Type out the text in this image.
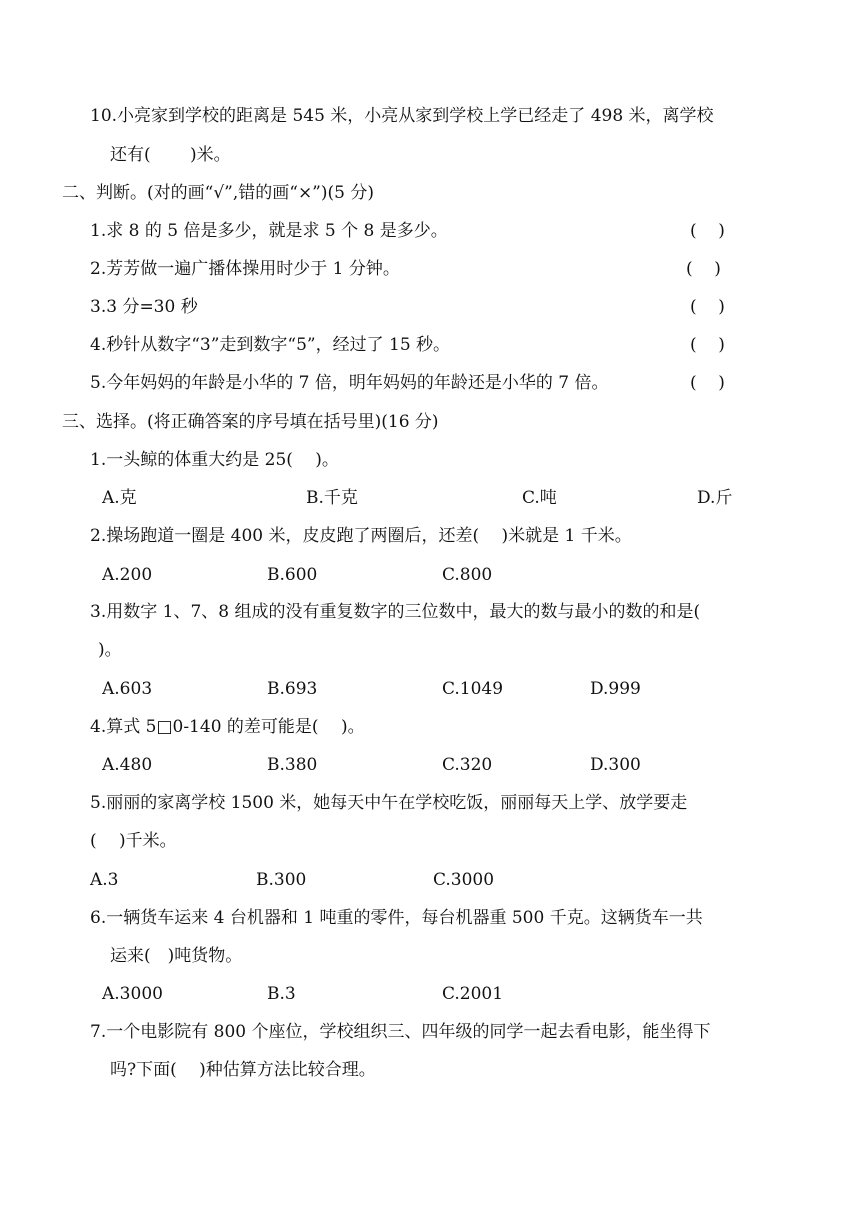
10.小亮家到学校的距离是 545 米，小亮从家到学校上学已经走了 498 米，离学校
还有(　　 )米。
二、判断。(对的画“√”,错的画“×”)(5 分)
1.求 8 的 5 倍是多少，就是求 5 个 8 是多少。	(    )
2.芳芳做一遍广播体操用时少于 1 分钟。	(    )
3.3 分=30 秒	(    )
4.秒针从数字“3”走到数字“5”，经过了 15 秒。	(    )
5.今年妈妈的年龄是小华的 7 倍，明年妈妈的年龄还是小华的 7 倍。	(    )
三、选择。(将正确答案的序号填在括号里)(16 分)
1.一头鲸的体重大约是 25(　 )。
A.克	B.千克	C.吨	D.斤
2.操场跑道一圈是 400 米，皮皮跑了两圈后，还差(　 )米就是 1 千米。
A.200	B.600	C.800
3.用数字 1、7、8 组成的没有重复数字的三位数中，最大的数与最小的数的和是(
)。
A.603	B.693	C.1049	D.999
4.算式 5□0-140 的差可能是(　 )。
A.480	B.380	C.320	D.300
5.丽丽的家离学校 1500 米，她每天中午在学校吃饭，丽丽每天上学、放学要走
(　 )千米。
A.3	B.300	C.3000
6.一辆货车运来 4 台机器和 1 吨重的零件，每台机器重 500 千克。这辆货车一共
运来(　)吨货物。
A.3000	B.3	C.2001
7.一个电影院有 800 个座位，学校组织三、四年级的同学一起去看电影，能坐得下
吗?下面(　 )种估算方法比较合理。
